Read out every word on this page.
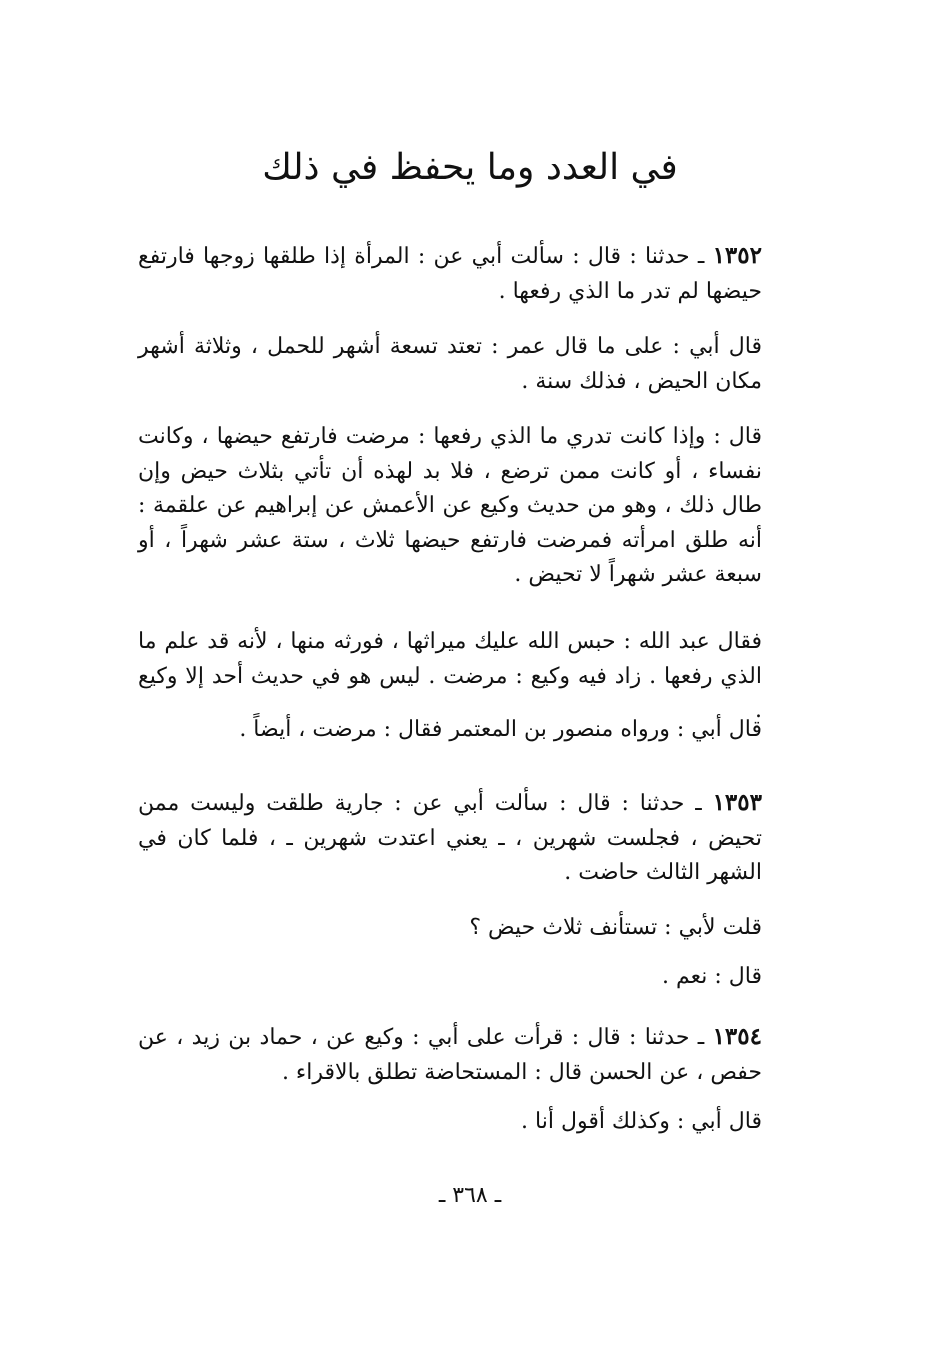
في العدد وما يحفظ في ذلك

١٣٥٢ ـ حدثنا : قال : سألت أبي عن : المرأة إذا طلقها زوجها فارتفع حيضها لم تدر ما الذي رفعها .

قال أبي : على ما قال عمر : تعتد تسعة أشهر للحمل ، وثلاثة أشهر مكان الحيض ، فذلك سنة .

قال : وإذا كانت تدري ما الذي رفعها : مرضت فارتفع حيضها ، وكانت نفساء ، أو كانت ممن ترضع ، فلا بد لهذه أن تأتي بثلاث حيض وإن طال ذلك ، وهو من حديث وكيع عن الأعمش عن إبراهيم عن علقمة : أنه طلق امرأته فمرضت فارتفع حيضها ثلاث ، ستة عشر شهراً ، أو سبعة عشر شهراً لا تحيض .

فقال عبد الله : حبس الله عليك ميراثها ، فورثه منها ، لأنه قد علم ما الذي رفعها . زاد فيه وكيع : مرضت . ليس هو في حديث أحد إلا وكيع .

قال أبي : ورواه منصور بن المعتمر فقال : مرضت ، أيضاً .

١٣٥٣ ـ حدثنا : قال : سألت أبي عن : جارية طلقت وليست ممن تحيض ، فجلست شهرين ، ـ يعني اعتدت شهرين ـ ، فلما كان في الشهر الثالث حاضت .

قلت لأبي : تستأنف ثلاث حيض ؟

قال : نعم .

١٣٥٤ ـ حدثنا : قال : قرأت على أبي : وكيع عن ، حماد بن زيد ، عن حفص ، عن الحسن قال : المستحاضة تطلق بالاقراء .

قال أبي : وكذلك أقول أنا .

ـ ٣٦٨ ـ
